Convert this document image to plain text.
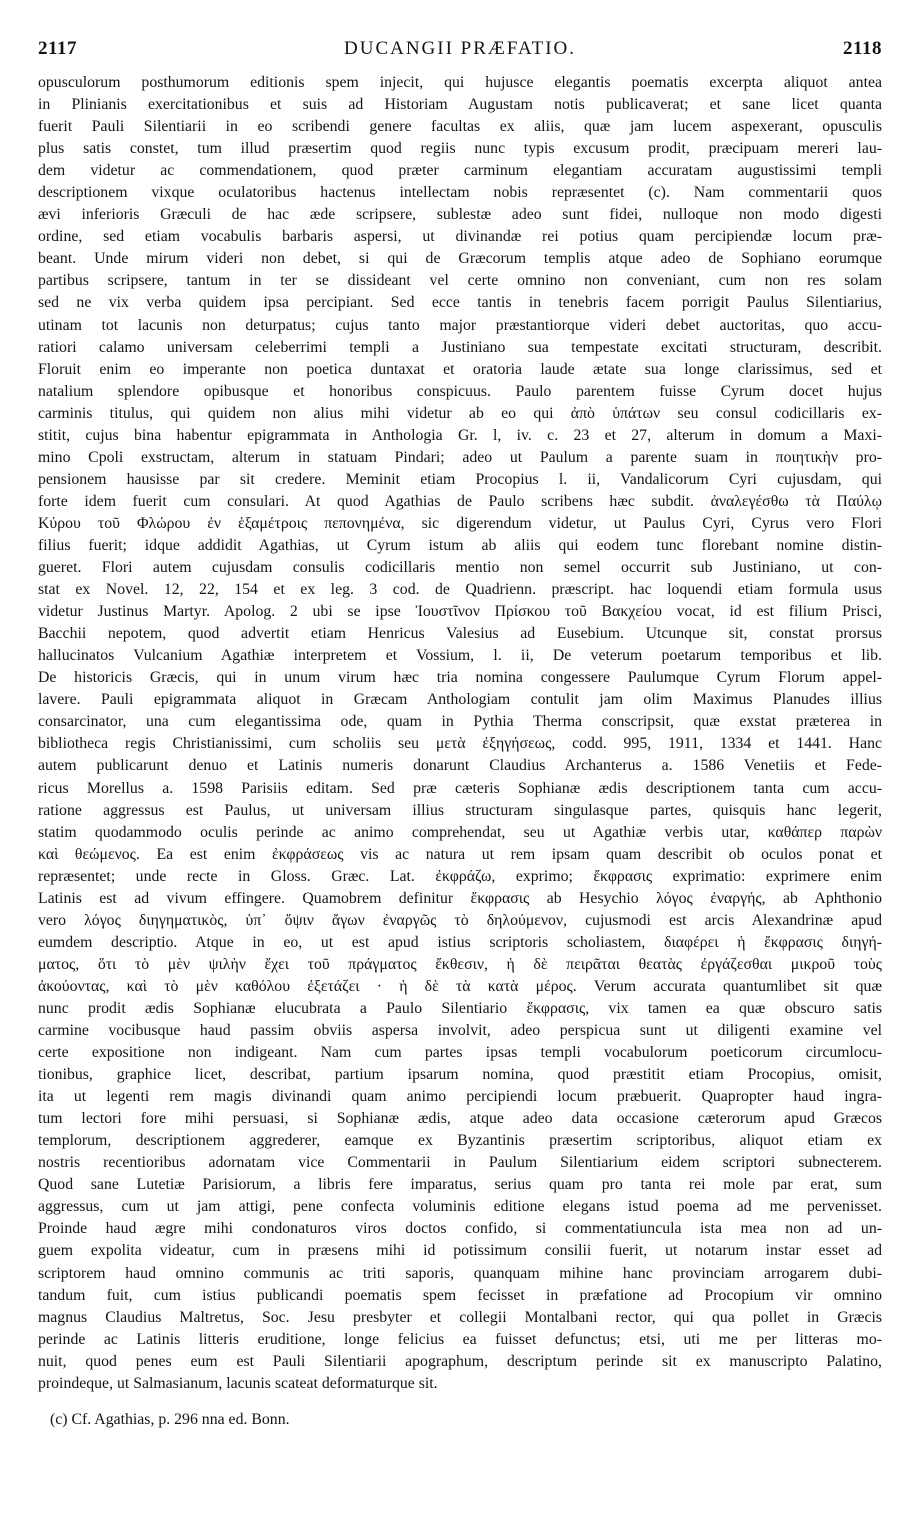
2117	DUCANGII PRÆFATIO.	2118
opusculorum posthumorum editionis spem injecit, qui hujusce elegantis poematis excerpta aliquot antea
in Plinianis exercitationibus et suis ad Historiam Augustam notis publicaverat; et sane licet quanta
fuerit Pauli Silentiarii in eo scribendi genere facultas ex aliis, quæ jam lucem aspexerant, opusculis
plus satis constet, tum illud præsertim quod regiis nunc typis excusum prodit, præcipuam mereri lau-
dem videtur ac commendationem, quod præter carminum elegantiam accuratam augustissimi templi
descriptionem vixque oculatoribus hactenus intellectam nobis repræsentet (c). Nam commentarii quos
ævi inferioris Græculi de hac æde scripsere, sublestæ adeo sunt fidei, nulloque non modo digesti
ordine, sed etiam vocabulis barbaris aspersi, ut divinandæ rei potius quam percipiendæ locum præ-
beant. Unde mirum videri non debet, si qui de Græcorum templis atque adeo de Sophiano eorumque
partibus scripsere, tantum in ter se dissideant vel certe omnino non conveniant, cum non res solam
sed ne vix verba quidem ipsa percipiant. Sed ecce tantis in tenebris facem porrigit Paulus Silentiarius,
utinam tot lacunis non deturpatus; cujus tanto major præstantiorque videri debet auctoritas, quo accu-
ratiori calamo universam celeberrimi templi a Justiniano sua tempestate excitati structuram, describit.
Floruit enim eo imperante non poetica duntaxat et oratoria laude ætate sua longe clarissimus, sed et
natalium splendore opibusque et honoribus conspicuus. Paulo parentem fuisse Cyrum docet hujus
carminis titulus, qui quidem non alius mihi videtur ab eo qui ἀπὸ ὑπάτων seu consul codicillaris ex-
stitit, cujus bina habentur epigrammata in Anthologia Gr. l, iv. c. 23 et 27, alterum in domum a Maxi-
mino Cpoli exstructam, alterum in statuam Pindari; adeo ut Paulum a parente suam in ποιητικὴν pro-
pensionem hausisse par sit credere. Meminit etiam Procopius l. ii, Vandalicorum Cyri cujusdam, qui
forte idem fuerit cum consulari. At quod Agathias de Paulo scribens hæc subdit. ἀναλεγέσθω τὰ Παύλῳ
Κύρου τοῦ Φλώρου ἐν ἑξαμέτροις πεπονημένα, sic digerendum videtur, ut Paulus Cyri, Cyrus vero Flori
filius fuerit; idque addidit Agathias, ut Cyrum istum ab aliis qui eodem tunc florebant nomine distin-
gueret. Flori autem cujusdam consulis codicillaris mentio non semel occurrit sub Justiniano, ut con-
stat ex Novel. 12, 22, 154 et ex leg. 3 cod. de Quadrienn. præscript. hac loquendi etiam formula usus
videtur Justinus Martyr. Apolog. 2 ubi se ipse Ἰουστῖνον Πρίσκου τοῦ Βακχείου vocat, id est filium Prisci,
Bacchii nepotem, quod advertit etiam Henricus Valesius ad Eusebium. Utcunque sit, constat prorsus
hallucinatos Vulcanium Agathiæ interpretem et Vossium, l. ii, De veterum poetarum temporibus et lib.
De historicis Græcis, qui in unum virum hæc tria nomina congessere Paulumque Cyrum Florum appel-
lavere. Pauli epigrammata aliquot in Græcam Anthologiam contulit jam olim Maximus Planudes illius
consarcinator, una cum elegantissima ode, quam in Pythia Therma conscripsit, quæ exstat præterea in
bibliotheca regis Christianissimi, cum scholiis seu μετὰ ἐξηγήσεως, codd. 995, 1911, 1334 et 1441. Hanc
autem publicarunt denuo et Latinis numeris donarunt Claudius Archanterus a. 1586 Venetiis et Fede-
ricus Morellus a. 1598 Parisiis editam. Sed præ cæteris Sophianæ ædis descriptionem tanta cum accu-
ratione aggressus est Paulus, ut universam illius structuram singulasque partes, quisquis hanc legerit,
statim quodammodo oculis perinde ac animo comprehendat, seu ut Agathiæ verbis utar, καθάπερ παρὼν
καὶ θεώμενος. Ea est enim ἐκφράσεως vis ac natura ut rem ipsam quam describit ob oculos ponat et
repræsentet; unde recte in Gloss. Græc. Lat. ἐκφράζω, exprimo; ἔκφρασις exprimatio: exprimere enim
Latinis est ad vivum effingere. Quamobrem definitur ἔκφρασις ab Hesychio λόγος ἐναργής, ab Aphthonio
vero λόγος διηγηματικὸς, ὑπ᾽ ὄψιν ἄγων ἐναργῶς τὸ δηλούμενον, cujusmodi est arcis Alexandrinæ apud
eumdem descriptio. Atque in eo, ut est apud istius scriptoris scholiastem, διαφέρει ἡ ἔκφρασις διηγή-
ματος, ὅτι τὸ μὲν ψιλὴν ἔχει τοῦ πράγματος ἔκθεσιν, ἡ δὲ πειρᾶται θεατὰς ἐργάζεσθαι μικροῦ τοὺς
ἀκούοντας, καὶ τὸ μὲν καθόλου ἐξετάζει · ἡ δὲ τὰ κατὰ μέρος. Verum accurata quantumlibet sit quæ
nunc prodit ædis Sophianæ elucubrata a Paulo Silentiario ἔκφρασις, vix tamen ea quæ obscuro satis
carmine vocibusque haud passim obviis aspersa involvit, adeo perspicua sunt ut diligenti examine vel
certe expositione non indigeant. Nam cum partes ipsas templi vocabulorum poeticorum circumlocu-
tionibus, graphice licet, describat, partium ipsarum nomina, quod præstitit etiam Procopius, omisit,
ita ut legenti rem magis divinandi quam animo percipiendi locum præbuerit. Quapropter haud ingra-
tum lectori fore mihi persuasi, si Sophianæ ædis, atque adeo data occasione cæterorum apud Græcos
templorum, descriptionem aggrederer, eamque ex Byzantinis præsertim scriptoribus, aliquot etiam ex
nostris recentioribus adornatam vice Commentarii in Paulum Silentiarium eidem scriptori subnecterem.
Quod sane Lutetiæ Parisiorum, a libris fere imparatus, serius quam pro tanta rei mole par erat, sum
aggressus, cum ut jam attigi, pene confecta voluminis editione elegans istud poema ad me pervenisset.
Proinde haud ægre mihi condonaturos viros doctos confido, si commentatiuncula ista mea non ad un-
guem expolita videatur, cum in præsens mihi id potissimum consilii fuerit, ut notarum instar esset ad
scriptorem haud omnino communis ac triti saporis, quanquam mihine hanc provinciam arrogarem dubi-
tandum fuit, cum istius publicandi poematis spem fecisset in præfatione ad Procopium vir omnino
magnus Claudius Maltretus, Soc. Jesu presbyter et collegii Montalbani rector, qui qua pollet in Græcis
perinde ac Latinis litteris eruditione, longe felicius ea fuisset defunctus; etsi, uti me per litteras mo-
nuit, quod penes eum est Pauli Silentiarii apographum, descriptum perinde sit ex manuscripto Palatino,
proindeque, ut Salmasianum, lacunis scateat deformaturque sit.
(c) Cf. Agathias, p. 296 nna ed. Bonn.
